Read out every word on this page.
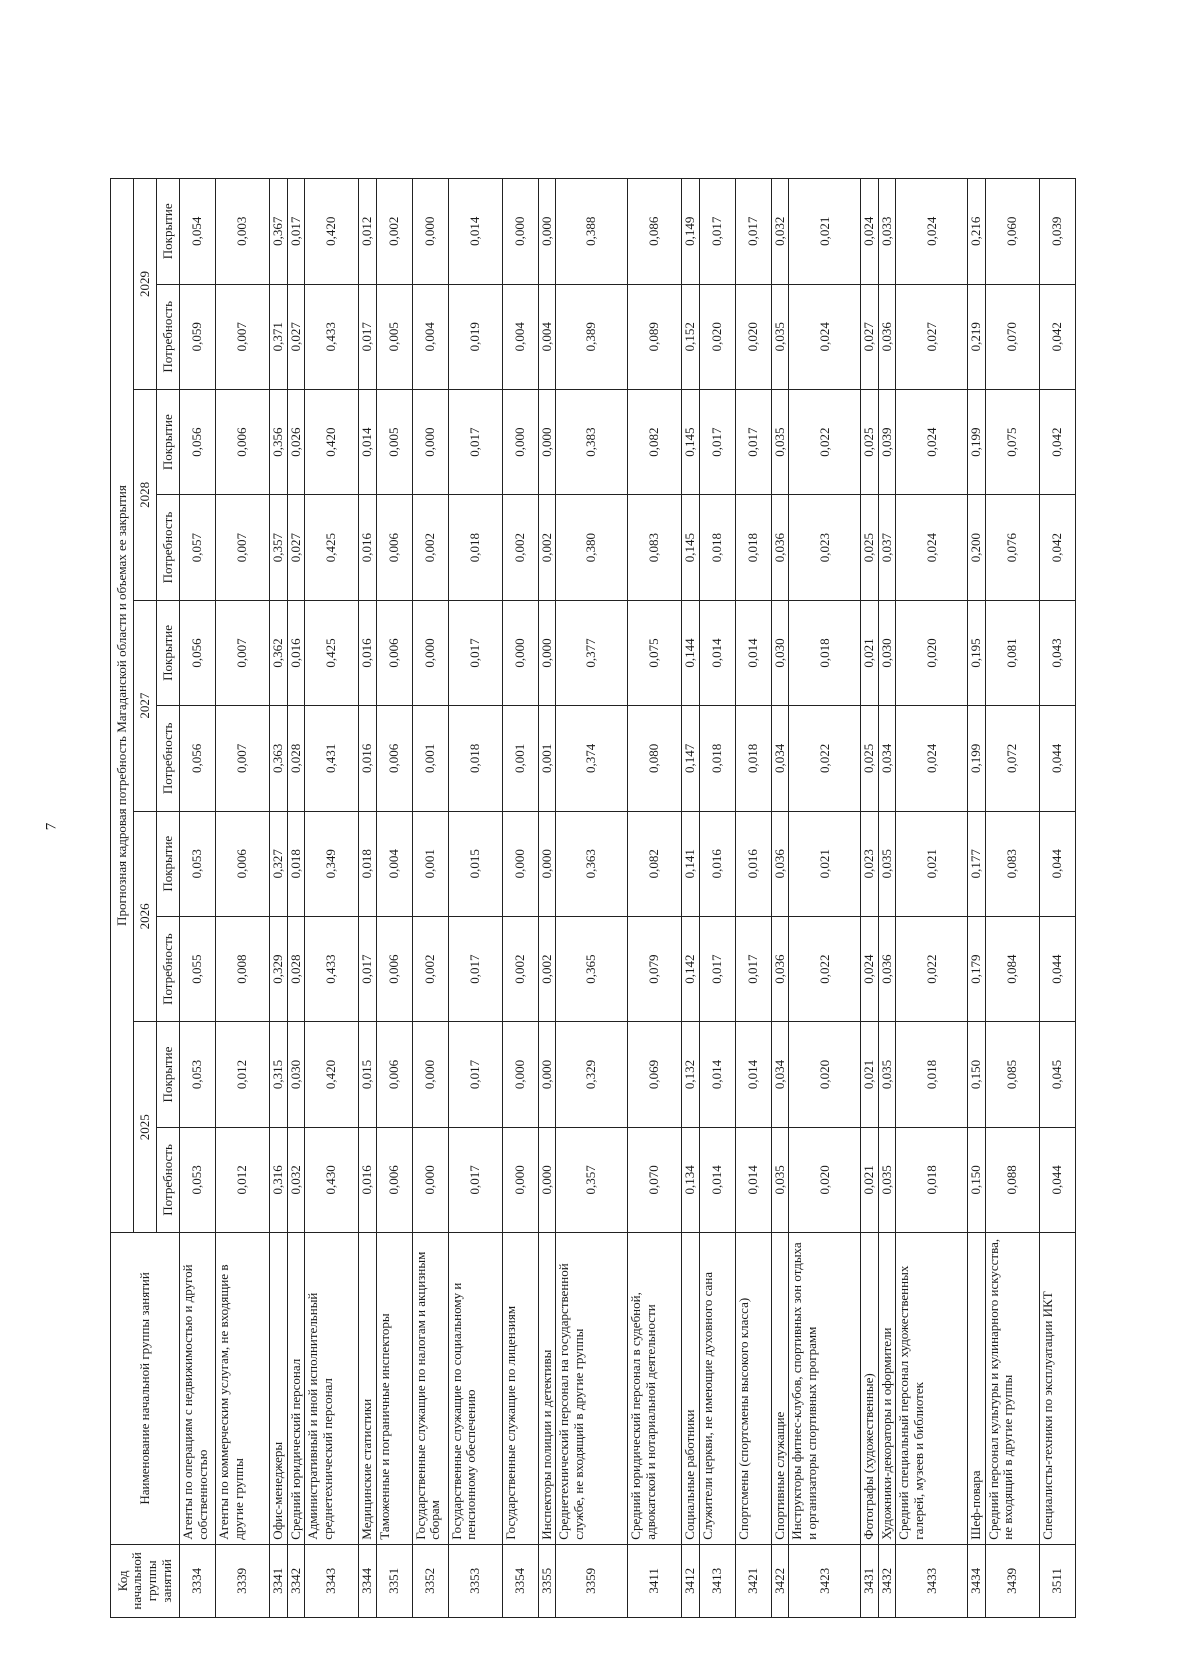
7
Код начальной группы занятий	Наименование начальной группы занятий	Прогнозная кадровая потребность Магаданской области и объемах ее закрытия									
		2025		2026		2027		2028		2029	
		Потребность	Покрытие	Потребность	Покрытие	Потребность	Покрытие	Потребность	Покрытие	Потребность	Покрытие
3334	Агенты по операциям с недвижимостью и другой собственностью	0,053	0,053	0,055	0,053	0,056	0,056	0,057	0,056	0,059	0,054
3339	Агенты по коммерческим услугам, не входящие в другие группы	0,012	0,012	0,008	0,006	0,007	0,007	0,007	0,006	0,007	0,003
3341	Офис-менеджеры	0,316	0,315	0,329	0,327	0,363	0,362	0,357	0,356	0,371	0,367
3342	Средний юридический персонал	0,032	0,030	0,028	0,018	0,028	0,016	0,027	0,026	0,027	0,017
3343	Административный и иной исполнительный среднетехнический персонал	0,430	0,420	0,433	0,349	0,431	0,425	0,425	0,420	0,433	0,420
3344	Медицинские статистики	0,016	0,015	0,017	0,018	0,016	0,016	0,016	0,014	0,017	0,012
3351	Таможенные и пограничные инспекторы	0,006	0,006	0,006	0,004	0,006	0,006	0,006	0,005	0,005	0,002
3352	Государственные служащие по налогам и акцизным сборам	0,000	0,000	0,002	0,001	0,001	0,000	0,002	0,000	0,004	0,000
3353	Государственные служащие по социальному и пенсионному обеспечению	0,017	0,017	0,017	0,015	0,018	0,017	0,018	0,017	0,019	0,014
3354	Государственные служащие по лицензиям	0,000	0,000	0,002	0,000	0,001	0,000	0,002	0,000	0,004	0,000
3355	Инспекторы полиции и детективы	0,000	0,000	0,002	0,000	0,001	0,000	0,002	0,000	0,004	0,000
3359	Среднетехнический персонал на государственной службе, не входящий в другие группы	0,357	0,329	0,365	0,363	0,374	0,377	0,380	0,383	0,389	0,388
3411	Средний юридический персонал в судебной, адвокатской и нотариальной деятельности	0,070	0,069	0,079	0,082	0,080	0,075	0,083	0,082	0,089	0,086
3412	Социальные работники	0,134	0,132	0,142	0,141	0,147	0,144	0,145	0,145	0,152	0,149
3413	Служители церкви, не имеющие духовного сана	0,014	0,014	0,017	0,016	0,018	0,014	0,018	0,017	0,020	0,017
3421	Спортсмены (спортсмены высокого класса)	0,014	0,014	0,017	0,016	0,018	0,014	0,018	0,017	0,020	0,017
3422	Спортивные служащие	0,035	0,034	0,036	0,036	0,034	0,030	0,036	0,035	0,035	0,032
3423	Инструкторы фитнес-клубов, спортивных зон отдыха и организаторы спортивных программ	0,020	0,020	0,022	0,021	0,022	0,018	0,023	0,022	0,024	0,021
3431	Фотографы (художественные)	0,021	0,021	0,024	0,023	0,025	0,021	0,025	0,025	0,027	0,024
3432	Художники-декораторы и оформители	0,035	0,035	0,036	0,035	0,034	0,030	0,037	0,039	0,036	0,033
3433	Средний специальный персонал художественных галерей, музеев и библиотек	0,018	0,018	0,022	0,021	0,024	0,020	0,024	0,024	0,027	0,024
3434	Шеф-повара	0,150	0,150	0,179	0,177	0,199	0,195	0,200	0,199	0,219	0,216
3439	Средний персонал культуры и кулинарного искусства, не входящий в другие группы	0,088	0,085	0,084	0,083	0,072	0,081	0,076	0,075	0,070	0,060
3511	Специалисты-техники по эксплуатации ИКТ	0,044	0,045	0,044	0,044	0,044	0,043	0,042	0,042	0,042	0,039
